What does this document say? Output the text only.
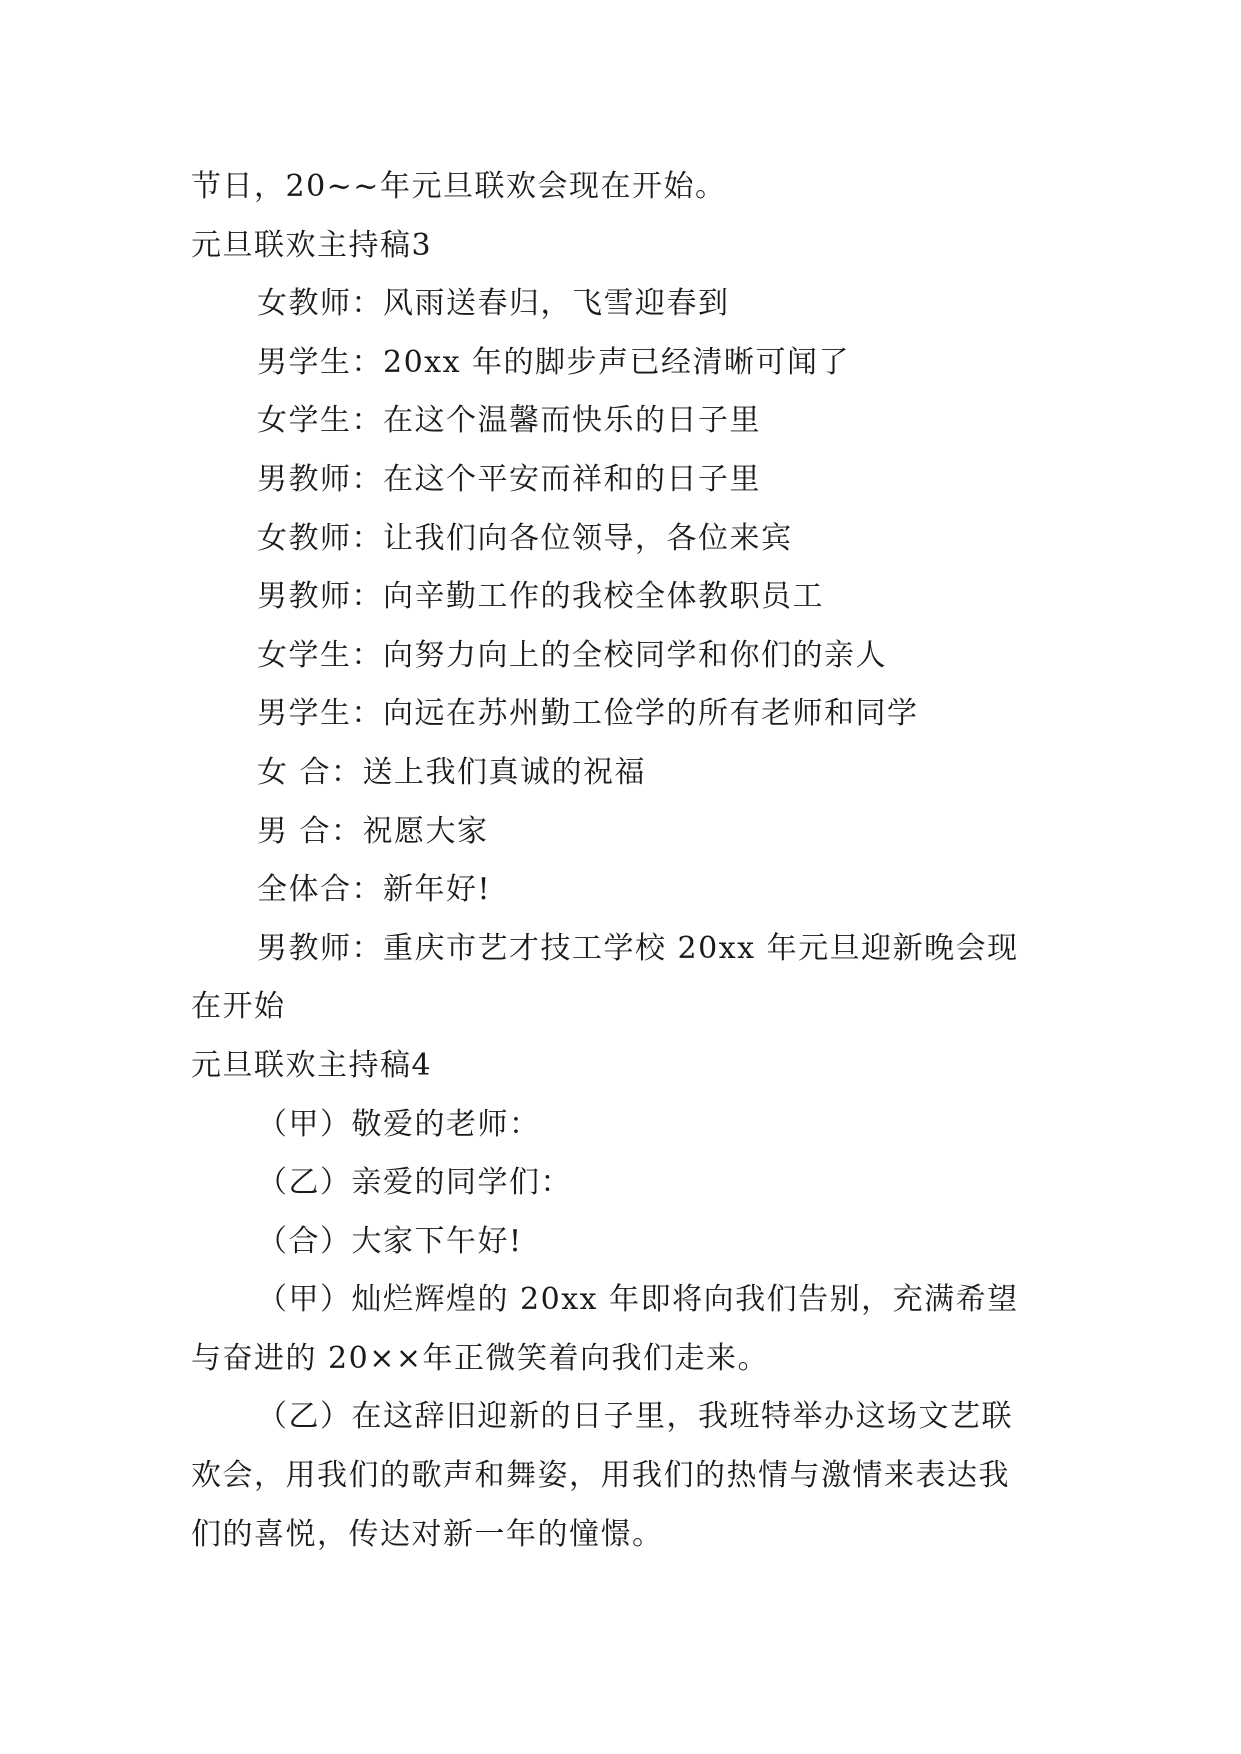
节日，20~~年元旦联欢会现在开始。
元旦联欢主持稿3
女教师：风雨送春归，飞雪迎春到
男学生：20xx 年的脚步声已经清晰可闻了
女学生：在这个温馨而快乐的日子里
男教师：在这个平安而祥和的日子里
女教师：让我们向各位领导，各位来宾
男教师：向辛勤工作的我校全体教职员工
女学生：向努力向上的全校同学和你们的亲人
男学生：向远在苏州勤工俭学的所有老师和同学
女 合：送上我们真诚的祝福
男 合：祝愿大家
全体合：新年好!
男教师：重庆市艺才技工学校 20xx 年元旦迎新晚会现
在开始
元旦联欢主持稿4
（甲）敬爱的老师：
（乙）亲爱的同学们：
（合）大家下午好!
（甲）灿烂辉煌的 20xx 年即将向我们告别，充满希望
与奋进的 20××年正微笑着向我们走来。
（乙）在这辞旧迎新的日子里，我班特举办这场文艺联
欢会，用我们的歌声和舞姿，用我们的热情与激情来表达我
们的喜悦，传达对新一年的憧憬。
